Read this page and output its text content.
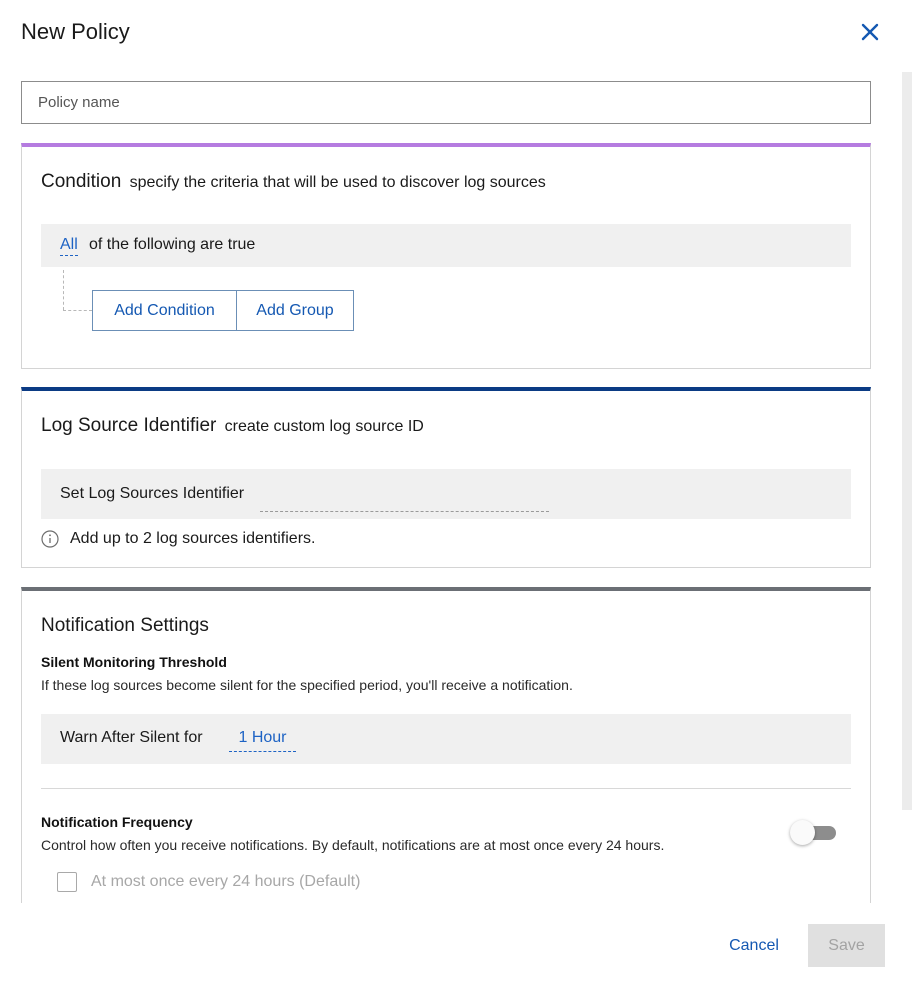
New Policy
Policy name
Condition specify the criteria that will be used to discover log sources
All of the following are true
Add Condition	Add Group
Log Source Identifier create custom log source ID
Set Log Sources Identifier
Add up to 2 log sources identifiers.
Notification Settings
Silent Monitoring Threshold
If these log sources become silent for the specified period, you'll receive a notification.
Warn After Silent for	1 Hour
Notification Frequency
Control how often you receive notifications. By default, notifications are at most once every 24 hours.
At most once every 24 hours (Default)
Cancel	Save
